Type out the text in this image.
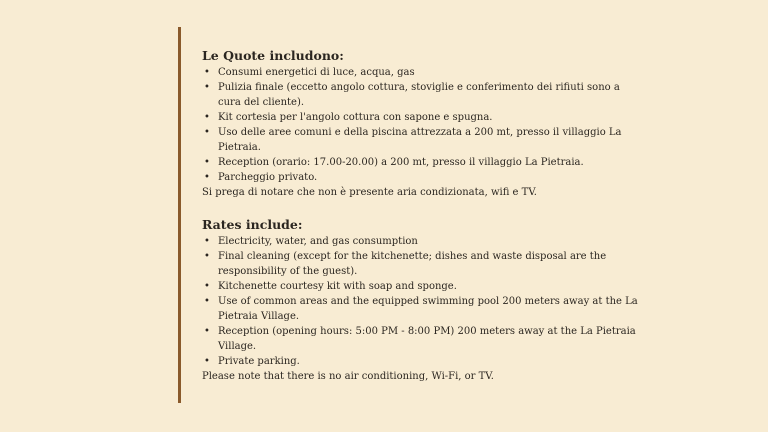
Le Quote includono:
• Consumi energetici di luce, acqua, gas
• Pulizia finale (eccetto angolo cottura, stoviglie e conferimento dei rifiuti sono a cura del cliente).
• Kit cortesia per l'angolo cottura con sapone e spugna.
• Uso delle aree comuni e della piscina attrezzata a 200 mt, presso il villaggio La Pietraia.
• Reception (orario: 17.00-20.00) a 200 mt, presso il villaggio La Pietraia.
• Parcheggio privato.

Si prega di notare che non è presente aria condizionata, wifi e TV.

Rates include:
• Electricity, water, and gas consumption
• Final cleaning (except for the kitchenette; dishes and waste disposal are the responsibility of the guest).
• Kitchenette courtesy kit with soap and sponge.
• Use of common areas and the equipped swimming pool 200 meters away at the La Pietraia Village.
• Reception (opening hours: 5:00 PM - 8:00 PM) 200 meters away at the La Pietraia Village.
• Private parking.

Please note that there is no air conditioning, Wi-Fi, or TV.
